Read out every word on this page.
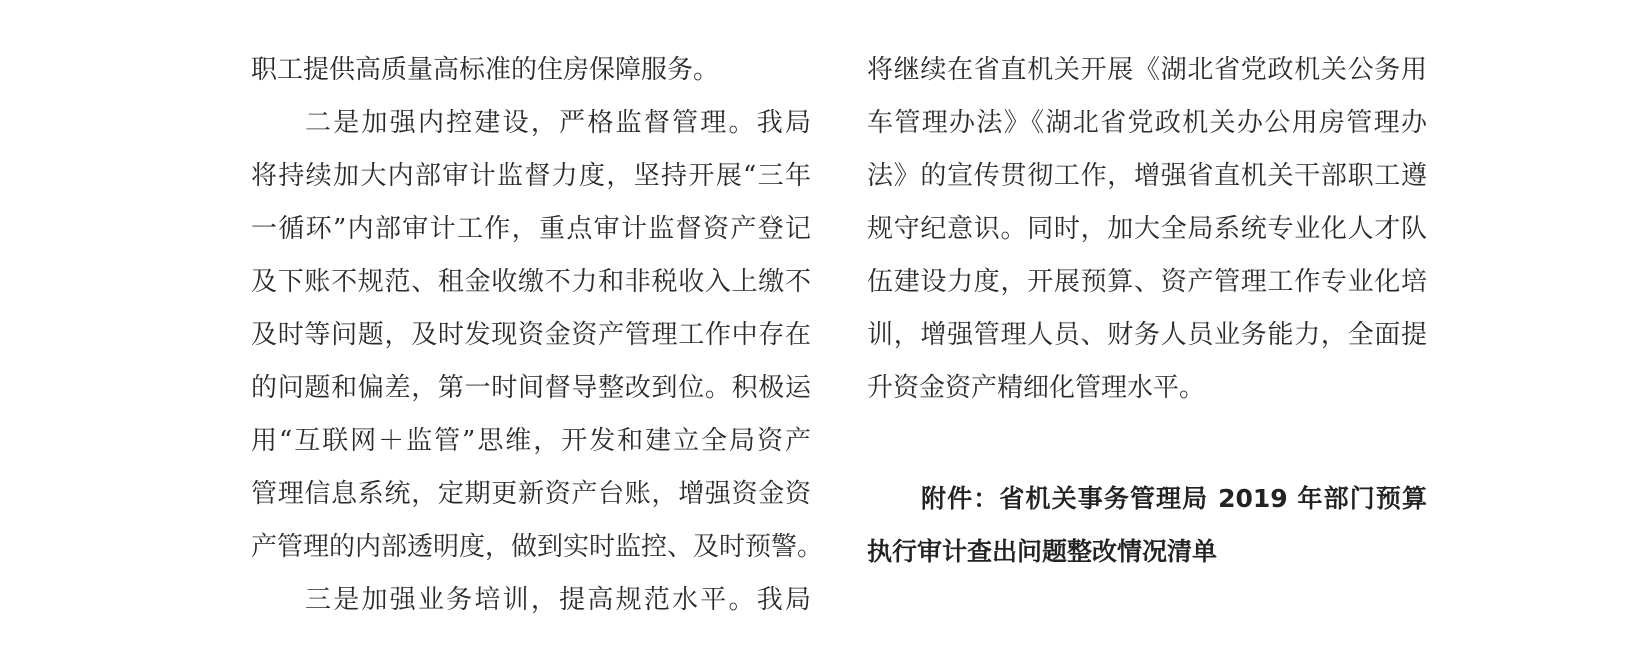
职工提供高质量高标准的住房保障服务。
二是加强内控建设，严格监督管理。我局
将持续加大内部审计监督力度，坚持开展“三年
一循环”内部审计工作，重点审计监督资产登记
及下账不规范、租金收缴不力和非税收入上缴不
及时等问题，及时发现资金资产管理工作中存在
的问题和偏差，第一时间督导整改到位。积极运
用“互联网＋监管”思维，开发和建立全局资产
管理信息系统，定期更新资产台账，增强资金资
产管理的内部透明度，做到实时监控、及时预警。
三是加强业务培训，提高规范水平。我局
将继续在省直机关开展《湖北省党政机关公务用
车管理办法》《湖北省党政机关办公用房管理办
法》的宣传贯彻工作，增强省直机关干部职工遵
规守纪意识。同时，加大全局系统专业化人才队
伍建设力度，开展预算、资产管理工作专业化培
训，增强管理人员、财务人员业务能力，全面提
升资金资产精细化管理水平。
附件：省机关事务管理局 2019 年部门预算
执行审计查出问题整改情况清单
